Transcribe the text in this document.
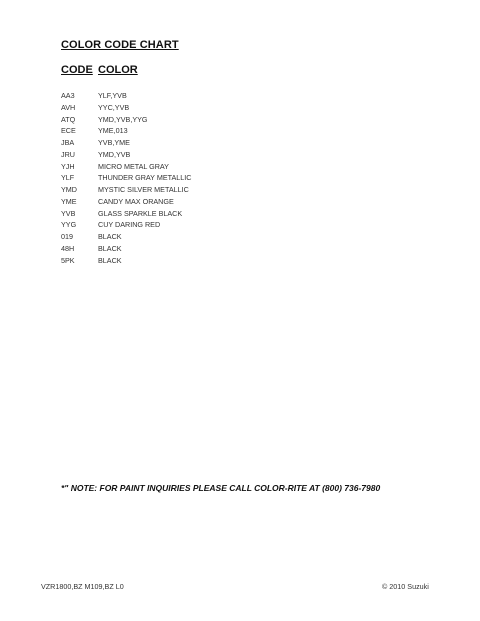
COLOR CODE CHART
CODE COLOR
AA3	YLF,YVB
AVH	YYC,YVB
ATQ	YMD,YVB,YYG
ECE	YME,013
JBA	YVB,YME
JRU	YMD,YVB
YJH	MICRO METAL GRAY
YLF	THUNDER GRAY METALLIC
YMD	MYSTIC SILVER METALLIC
YME	CANDY MAX ORANGE
YVB	GLASS SPARKLE BLACK
YYG	CUY DARING RED
019	BLACK
48H	BLACK
5PK	BLACK
*" NOTE: FOR PAINT INQUIRIES PLEASE CALL COLOR-RITE AT (800) 736-7980
VZR1800,BZ M109,BZ L0	© 2010 Suzuki
